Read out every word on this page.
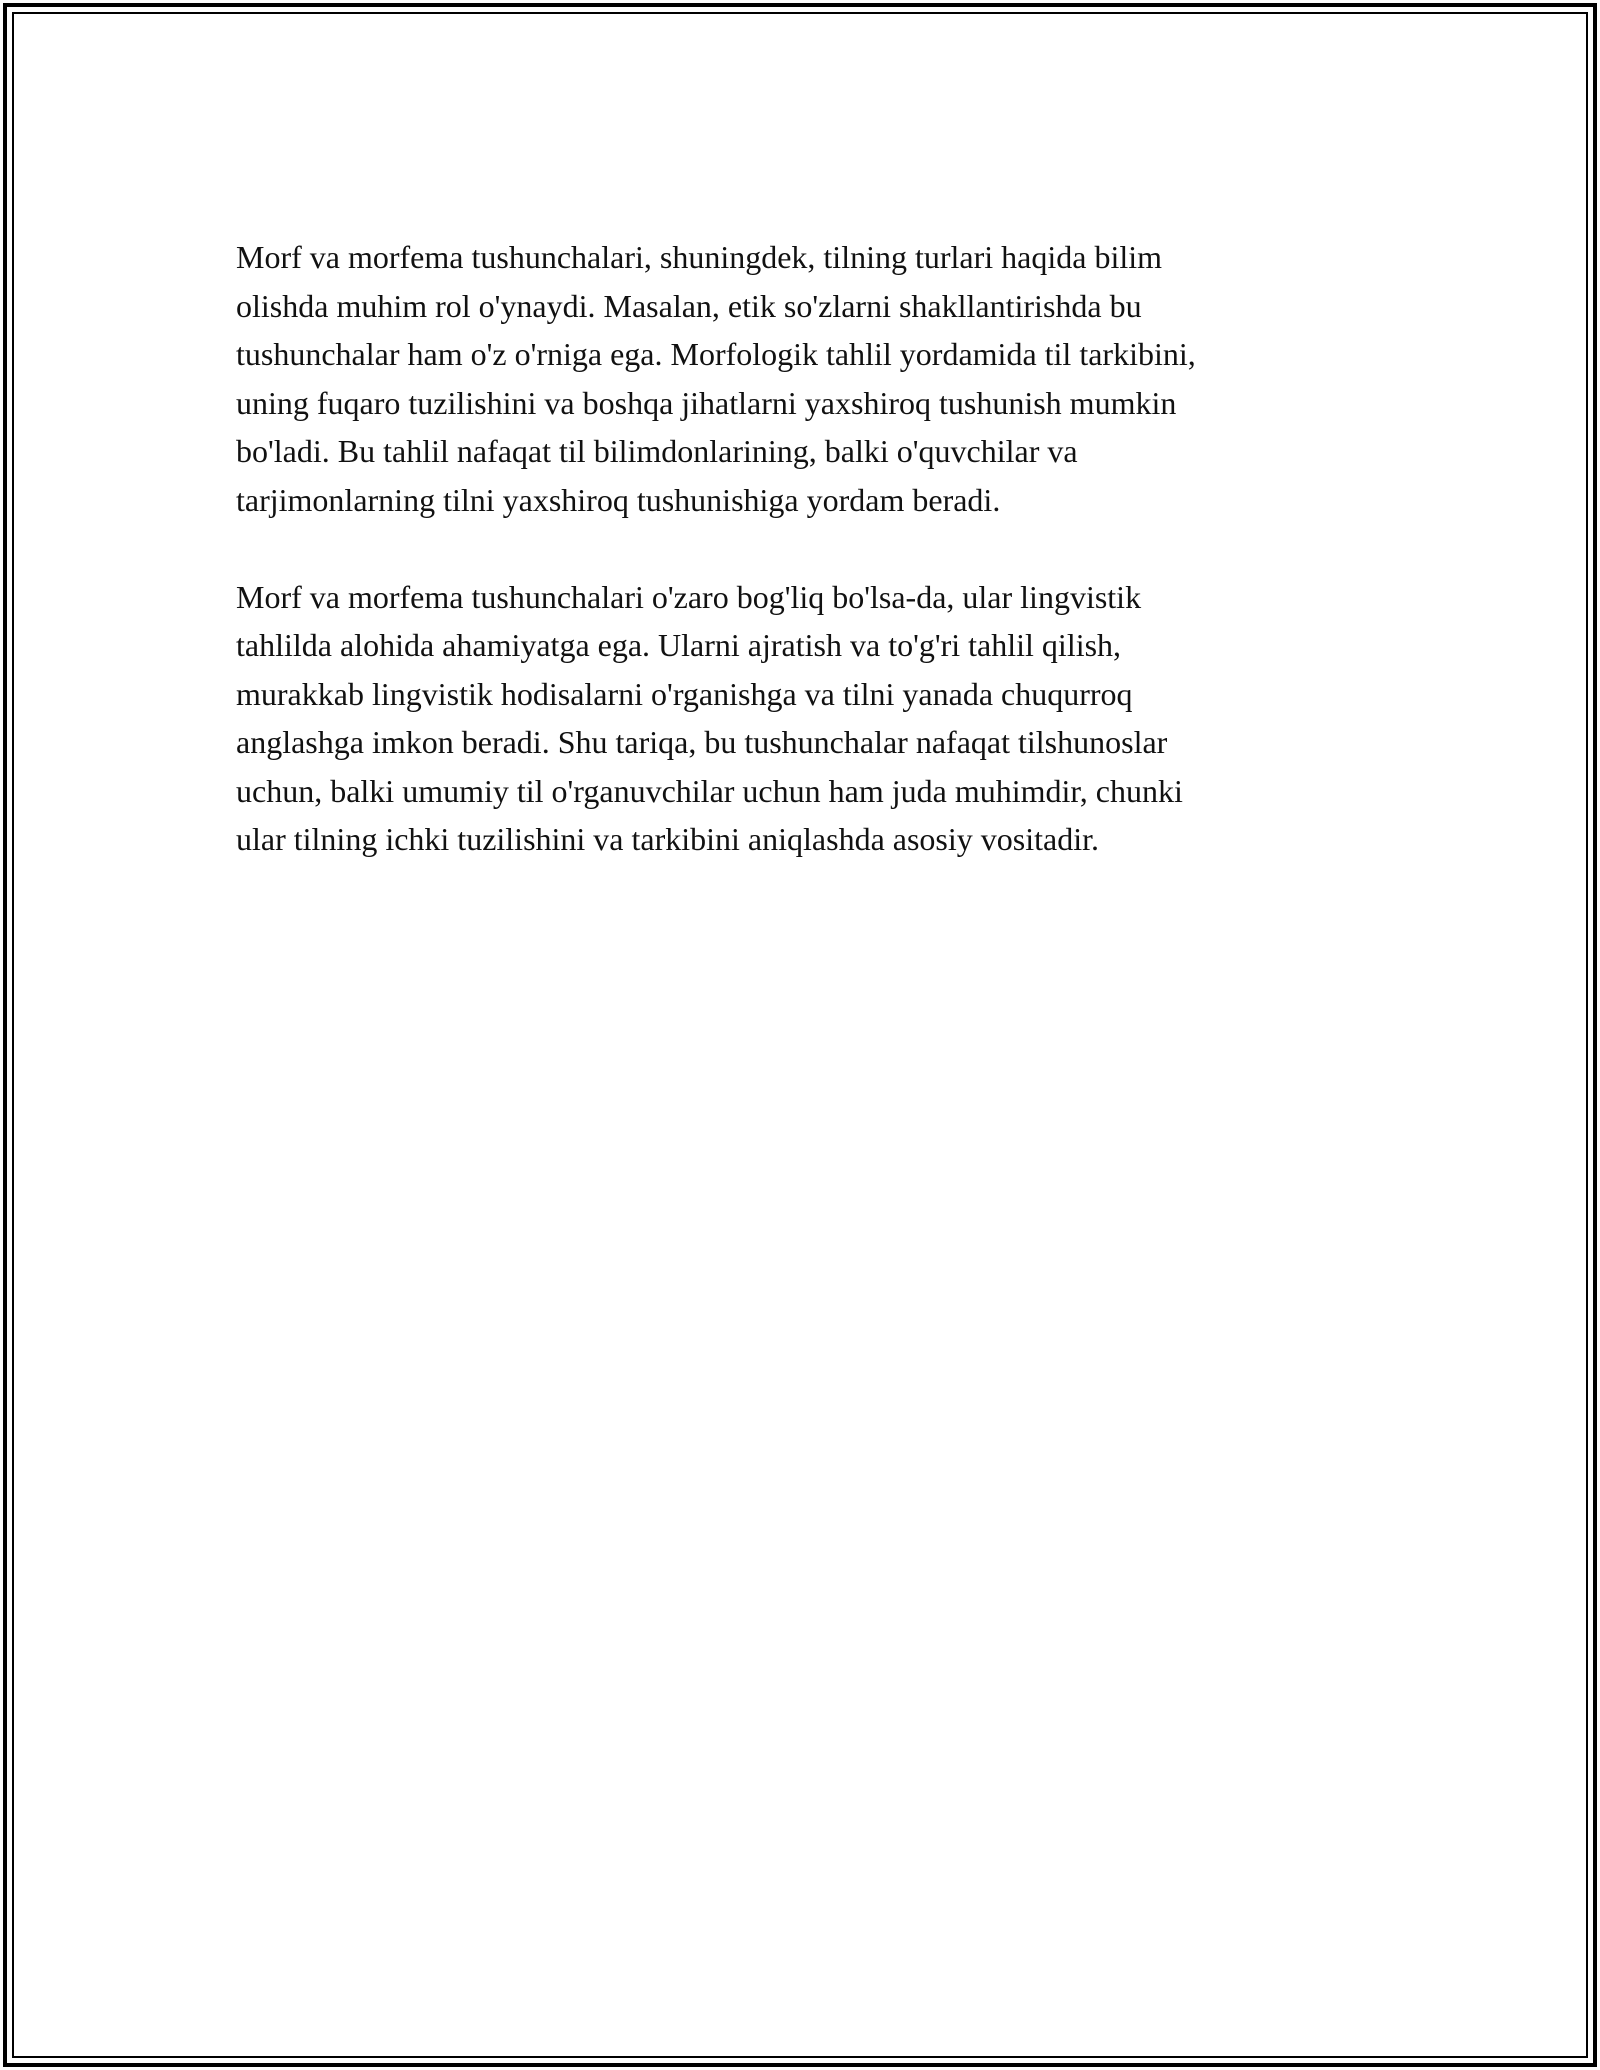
Morf va morfema tushunchalari, shuningdek, tilning turlari haqida bilim
olishda muhim rol o'ynaydi. Masalan, etik so'zlarni shakllantirishda bu
tushunchalar ham o'z o'rniga ega. Morfologik tahlil yordamida til tarkibini,
uning fuqaro tuzilishini va boshqa jihatlarni yaxshiroq tushunish mumkin
bo'ladi. Bu tahlil nafaqat til bilimdonlarining, balki o'quvchilar va
tarjimonlarning tilni yaxshiroq tushunishiga yordam beradi.

Morf va morfema tushunchalari o'zaro bog'liq bo'lsa-da, ular lingvistik
tahlilda alohida ahamiyatga ega. Ularni ajratish va to'g'ri tahlil qilish,
murakkab lingvistik hodisalarni o'rganishga va tilni yanada chuqurroq
anglashga imkon beradi. Shu tariqa, bu tushunchalar nafaqat tilshunoslar
uchun, balki umumiy til o'rganuvchilar uchun ham juda muhimdir, chunki
ular tilning ichki tuzilishini va tarkibini aniqlashda asosiy vositadir.
